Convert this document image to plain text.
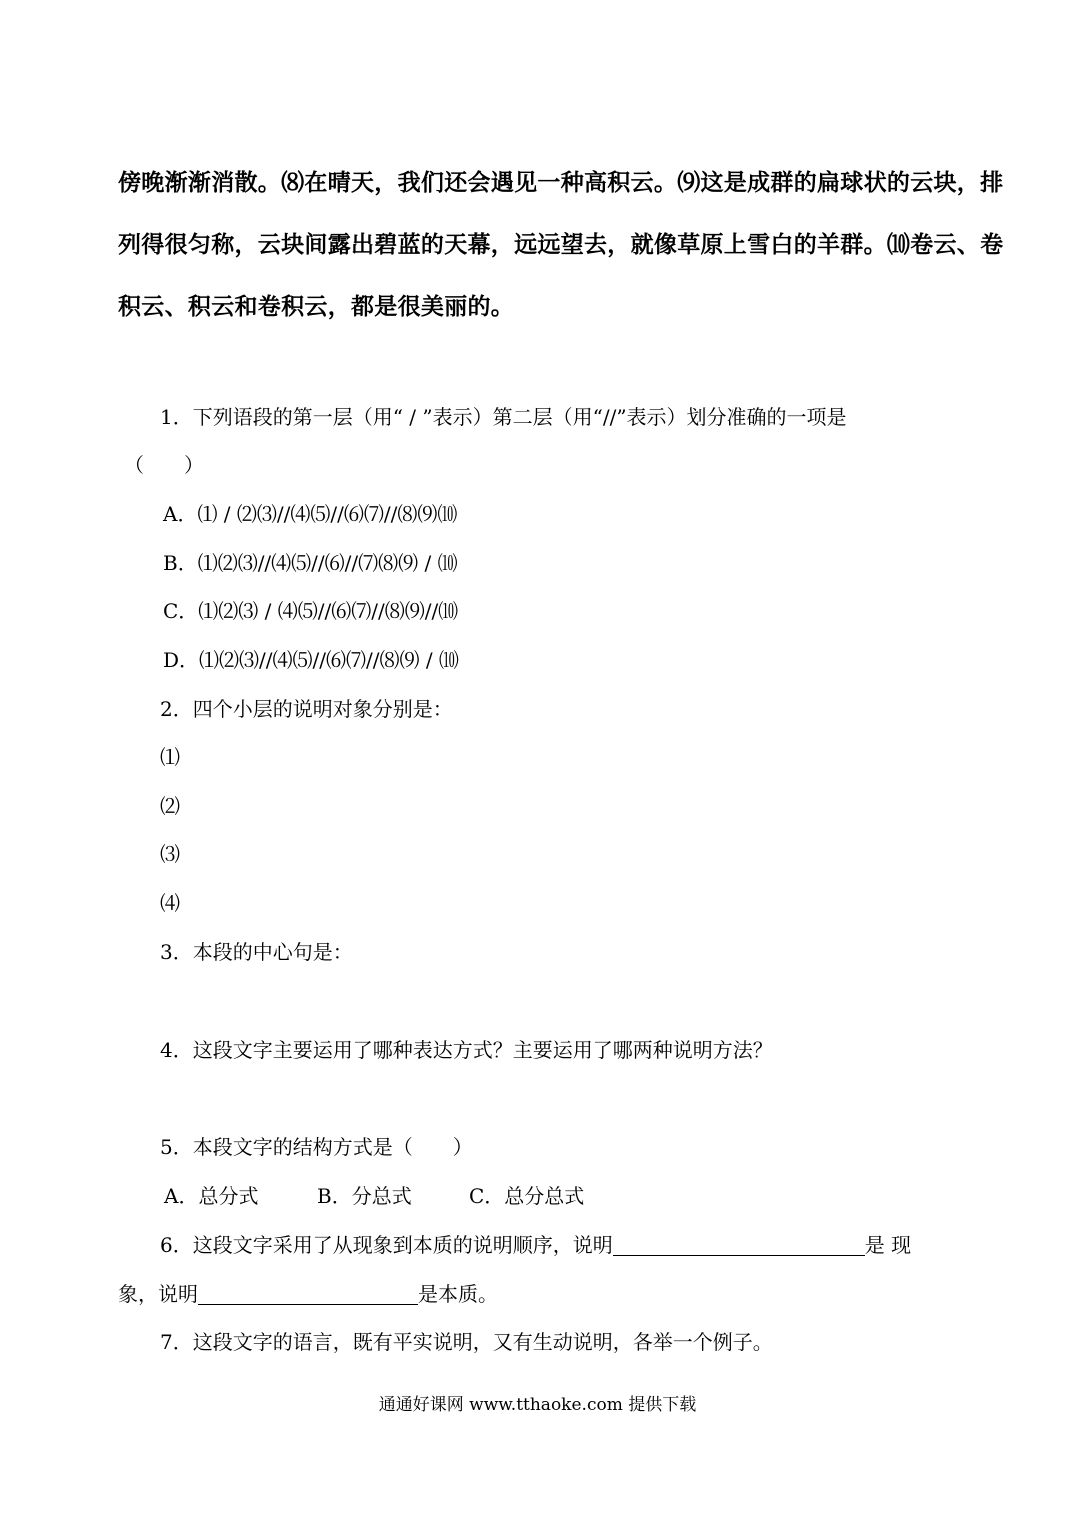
傍晚渐渐消散。⑻在晴天，我们还会遇见一种高积云。⑼这是成群的扁球状的云块，排
列得很匀称，云块间露出碧蓝的天幕，远远望去，就像草原上雪白的羊群。⑽卷云、卷
积云、积云和卷积云，都是很美丽的。
1．下列语段的第一层（用“ / ”表示）第二层（用“//”表示）划分准确的一项是
（　　）
A．⑴ / ⑵⑶//⑷⑸//⑹⑺//⑻⑼⑽
B．⑴⑵⑶//⑷⑸//⑹//⑺⑻⑼ / ⑽
C．⑴⑵⑶ / ⑷⑸//⑹⑺//⑻⑼//⑽
D．⑴⑵⑶//⑷⑸//⑹⑺//⑻⑼ / ⑽
2．四个小层的说明对象分别是：
⑴
⑵
⑶
⑷
3．本段的中心句是：
4．这段文字主要运用了哪种表达方式？主要运用了哪两种说明方法？
5．本段文字的结构方式是（　　）
A．总分式	B．分总式	C．总分总式
6．这段文字采用了从现象到本质的说明顺序，说明	是 现
象，说明	是本质。
7．这段文字的语言，既有平实说明，又有生动说明，各举一个例子。
通通好课网 www.tthaoke.com 提供下载
